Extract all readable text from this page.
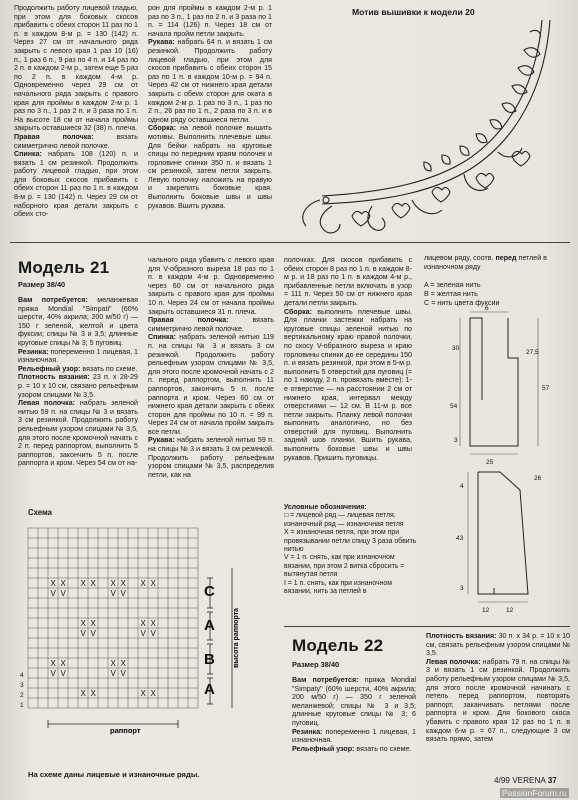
Продолжить работу лицевой гладью, при этом для боковых скосов прибавить с обеих сторон 11 раз по 1 п. в каждом 8-м р. = 130 (142) п. Через 27 см от начального ряда закрыть с левого края 1 раз 10 (16) п., 1 раз 6 п., 9 раз по 4 п. и 14 раз по 2 п. в каждом 2-м р., затем еще 5 раз по 2 п. в каждом 4-м р. Одновременно через 29 см от начального ряда закрыть с правого края для проймы в каждом 2-м р. 1 раз по 3 п., 1 раз 2 п. и 3 раза по 1 п. На высоте 18 см от начала проймы закрыть оставшиеся 32 (38) п. плеча.

Правая полочка: вязать симметрично левой полочке.

Спинка: набрать 108 (120) п. и вязать 1 см резинкой. Продолжить работу лицевой гладью, при этом для боковых скосов прибавить с обеих сторон 11 раз по 1 п. в каждом 8-м р. = 130 (142) п. Через 29 см от наборного края детали закрыть с обеих сто-

рон для проймы в каждом 2-м р. 1 раз по 3 п., 1 раз по 2 п. и 3 раза по 1 п. = 114 (126) п. Через 18 см от начала пройм петли закрыть.

Рукава: набрать 64 п. и вязать 1 см резинкой. Продолжить работу лицевой гладью, при этом для скосов прибавить с обеих сторон 15 раз по 1 п. в каждом 10-м р. = 94 п. Через 42 см от нижнего края детали закрыть с обеих сторон для оката в каждом 2-м р. 1 раз по 3 п., 1 раз по 2 п., 26 раз по 1 п., 2 раза по 3 п. и в одном ряду оставшиеся петли.

Сборка: на левой полочке вышить мотивы. Выполнить плечевые швы. Для бейки набрать на круговые спицы по передним краям полочек и горловине спинки 350 п. и вязать 1 см резинкой, затем петли закрыть. Левую полочку наложить на правую и закрепить боковые края. Выполнить боковые швы и швы рукавов. Вшить рукава.

Мотив вышивки к модели 20
Модель 21
Размер 38/40

Вам потребуется: меланжевая пряжа Mondial "Simpati" (60% шерсти, 40% акрила; 200 м/50 г) — 150 г зеленой, желтой и цвета фуксии; спицы № 3 и 3,5; длинные круговые спицы № 3; 5 пуговиц.

Резинка: попеременно 1 лицевая, 1 изнаночная.

Рельефный узор: вязать по схеме.

Плотность вязания: 23 п. x 28-29 р. = 10 x 10 см, связано рельефным узором спицами № 3,5.

Левая полочка: набрать зеленой нитью 59 п. на спицы № 3 и вязать 3 см резинкой. Продолжить работу рельефным узором спицами № 3,5, для этого после кромочной начать с 2 п. перед раппортом, выполнить 5 раппортов, закончить 5 п. после раппорта и кром. Через 54 см от на-

чального ряда убавить с левого края для V-образного выреза 18 раз по 1 п. в каждом 4-м р. Одновременно через 60 см от начального ряда закрыть с правого края для проймы 10 п. Через 24 см от начала проймы закрыть оставшиеся 31 п. плеча.

Правая полочка: вязать симметрично левой полочке.

Спинка: набрать зеленой нитью 119 п. на спицы № 3 и вязать 3 см резинкой. Продолжить работу рельефным узором спицами № 3,5, для этого после кромочной начать с 2 п. перед раппортом, выполнить 11 раппортов, закончить 5 п. после раппорта и кром. Через 60 см от нижнего края детали закрыть с обеих сторон для проймы по 10 п. = 99 п. Через 24 см от начала пройм закрыть все петли.

Рукава: набрать зеленой нитью 59 п. на спицы № 3 и вязать 3 см резинкой. Продолжить работу рельефным узором спицами № 3,5, распределив петли, как на

полочках. Для скосов прибавить с обеих сторон 8 раз по 1 п. в каждом 8-м р. и 18 раз по 1 п. в каждом 4-м р., прибавленные петли включать в узор = 111 п. Через 50 см от нижнего края детали петли закрыть.

Сборка: выполнить плечевые швы. Для планки застежки набрать на круговые спицы зеленой нитью по вертикальному краю правой полочки, по скосу V-образного выреза и краю горловины спинки до ее середины 150 п. и вязать резинкой, при этом в 5-м р. выполнить 5 отверстий для пуговиц (= по 1 накиду, 2 п. провязать вместе): 1-е отверстие — на расстоянии 2 см от нижнего края, интервал между отверстиями — 12 см. В 11-м р. все петли закрыть. Планку левой полочки выполнить аналогично, но без отверстий для пуговиц. Выполнить задний шов планки. Вшить рукава, выполнить боковые швы и швы рукавов. Пришить пуговицы.

лицевом ряду, соотв. перед петлей в изнаночном ряду
A = зеленая нить
B = желтая нить
C = нить цвета фуксии
25
6
30
54
3
57
27,5
4
43
3
12	12
26
Условные обозначения:
□ = лицевой ряд — лицевая петля, изнаночный ряд — изнаночная петля
X = изнаночная петля, при этом при провязывании петли спицу 3 раза обвить нитью
V = 1 п. снять, как при изнаночном вязании, при этом 2 витка сбросить = вытянутая петля
I = 1 п. снять, как при изнаночном вязании, нить за петлей в
Схема
X X X X X X X X
V V	V V
X X	X X
V V	V V
X X	X X
V V	V V
X X	X X
C
A
B
A
высота раппорта
раппорт
4
3
2
1
На схеме даны лицевые и изнаночные ряды.
Модель 22
Размер 38/40

Вам потребуется: пряжа Mondial "Simpaty" (60% шерсти, 40% акрила; 200 м/50 г) — 350 г зеленой меланжевой; спицы № 3 и 3,5; длинные круговые спицы № 3; 6 пуговиц.

Резинка: попеременно 1 лицевая, 1 изнаночная.

Рельефный узор: вязать по схеме.

Плотность вязания: 30 п. x 34 р. = 10 x 10 см, связать рельефным узором спицами № 3,5.

Левая полочка: набрать 79 п. на спицы № 3 и вязать 1 см резинкой. Продолжить работу рельефным узором спицами № 3,5, для этого после кромочной начинать с петель перед раппортом, повторять раппорт, заканчивать петлями после раппорта и кром. Для бокового скоса убавить с правого края 12 раз по 1 п. в каждом 6-м р. = 67 п., следующие 3 см вязать прямо, затем

4/99 VERENA 37
PassionForum.ru
